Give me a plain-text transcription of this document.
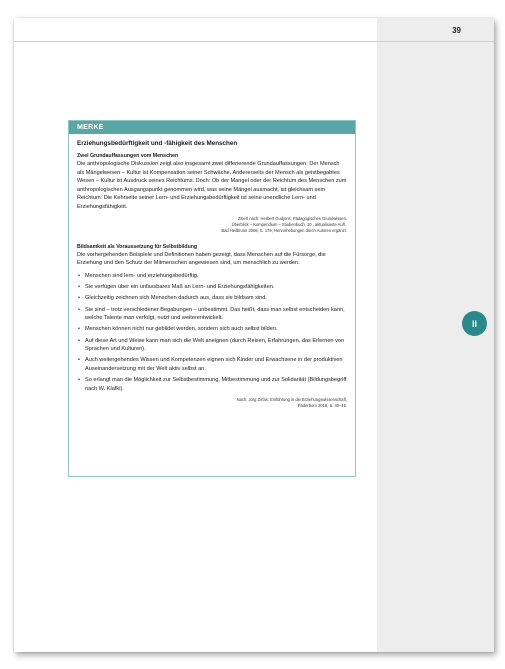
39
II
MERKE

Erziehungsbedürftigkeit und -fähigkeit des Menschen

Zwei Grundauffassungen vom Menschen

Die anthropologische Diskussion zeigt also insgesamt zwei differierende Grundauffassungen: Der Mensch als Mängelwesen – Kultur ist Kompensation seiner Schwäche. Andererseits der Mensch als geistbegabtes Wesen – Kultur ist Ausdruck seines Reichtums. Doch: Ob der Mangel oder der Reichtum des Menschen zum anthropologischen Ausgangspunkt genommen wird, was seine Mängel ausmacht, ist gleichsam sein Reichtum: Die Kehrseite seiner Lern- und Erziehungsbedürftigkeit ist seine unendliche Lern- und Erziehungsfähigkeit.

Zitiert nach: Herbert Gudjons: Pädagogisches Grundwissen.
Überblick – Kompendium – Studienbuch, 10., aktualisierte Aufl.,
Bad Heilbrunn 2008, S. 179; Hervorhebungen durch Autoren ergänzt.

Bildsamkeit als Voraussetzung für Selbstbildung

Die vorhergehenden Beispiele und Definitionen haben gezeigt, dass Menschen auf die Fürsorge, die Erziehung und den Schutz der Mitmenschen angewiesen sind, um menschlich zu werden.

• Menschen sind lern- und erziehungsbedürftig.
• Sie verfügen über ein unfassbares Maß an Lern- und Erziehungsfähigkeiten.
• Gleichzeitig zeichnen sich Menschen dadurch aus, dass sie bildsam sind.
• Sie sind – trotz verschiedener Begabungen – unbestimmt. Das heißt, dass man selbst entscheiden kann, welche Talente man verfolgt, nutzt und weiterentwickelt.
• Menschen können nicht nur gebildet werden, sondern sich auch selbst bilden.
• Auf diese Art und Weise kann man sich die Welt aneignen (durch Reisen, Erfahrungen, das Erlernen von Sprachen und Kulturen).
• Auch weitergehendes Wissen und Kompetenzen eignen sich Kinder und Erwachsene in der produktiven Auseinandersetzung mit der Welt aktiv selbst an.
• So erlangt man die Möglichkeit zur Selbstbestimmung, Mitbestimmung und zur Solidarität (Bildungsbegriff nach W. Klafki).
Nach: Jörg Zirfas: Einführung in die Erziehungswissenschaft,
Paderborn 2018, S. 40–45.
